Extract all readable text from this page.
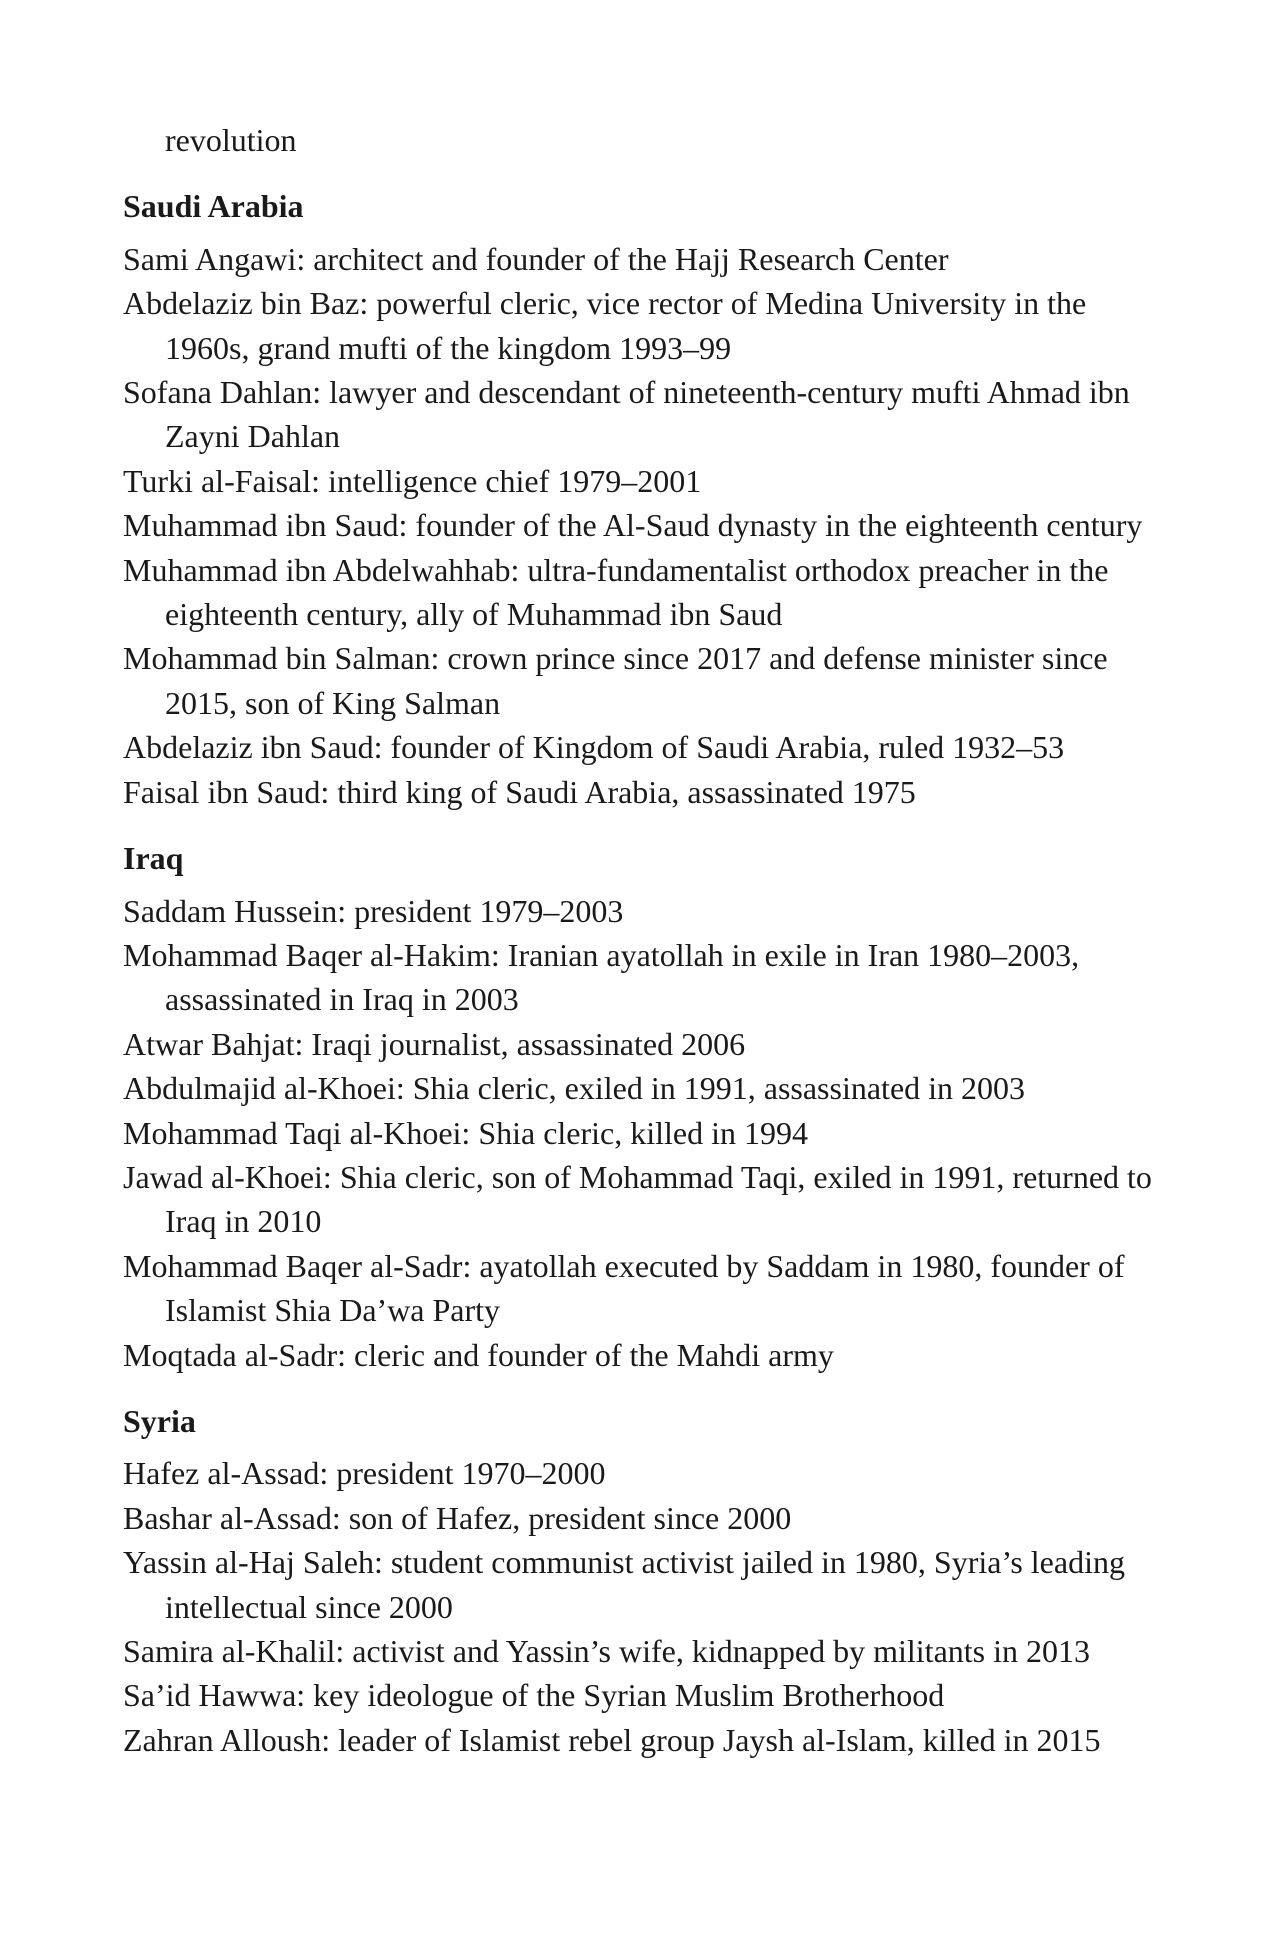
revolution
Saudi Arabia
Sami Angawi: architect and founder of the Hajj Research Center
Abdelaziz bin Baz: powerful cleric, vice rector of Medina University in the 1960s, grand mufti of the kingdom 1993–99
Sofana Dahlan: lawyer and descendant of nineteenth-century mufti Ahmad ibn Zayni Dahlan
Turki al-Faisal: intelligence chief 1979–2001
Muhammad ibn Saud: founder of the Al-Saud dynasty in the eighteenth century
Muhammad ibn Abdelwahhab: ultra-fundamentalist orthodox preacher in the eighteenth century, ally of Muhammad ibn Saud
Mohammad bin Salman: crown prince since 2017 and defense minister since 2015, son of King Salman
Abdelaziz ibn Saud: founder of Kingdom of Saudi Arabia, ruled 1932–53
Faisal ibn Saud: third king of Saudi Arabia, assassinated 1975
Iraq
Saddam Hussein: president 1979–2003
Mohammad Baqer al-Hakim: Iranian ayatollah in exile in Iran 1980–2003, assassinated in Iraq in 2003
Atwar Bahjat: Iraqi journalist, assassinated 2006
Abdulmajid al-Khoei: Shia cleric, exiled in 1991, assassinated in 2003
Mohammad Taqi al-Khoei: Shia cleric, killed in 1994
Jawad al-Khoei: Shia cleric, son of Mohammad Taqi, exiled in 1991, returned to Iraq in 2010
Mohammad Baqer al-Sadr: ayatollah executed by Saddam in 1980, founder of Islamist Shia Da’wa Party
Moqtada al-Sadr: cleric and founder of the Mahdi army
Syria
Hafez al-Assad: president 1970–2000
Bashar al-Assad: son of Hafez, president since 2000
Yassin al-Haj Saleh: student communist activist jailed in 1980, Syria’s leading intellectual since 2000
Samira al-Khalil: activist and Yassin’s wife, kidnapped by militants in 2013
Sa’id Hawwa: key ideologue of the Syrian Muslim Brotherhood
Zahran Alloush: leader of Islamist rebel group Jaysh al-Islam, killed in 2015
